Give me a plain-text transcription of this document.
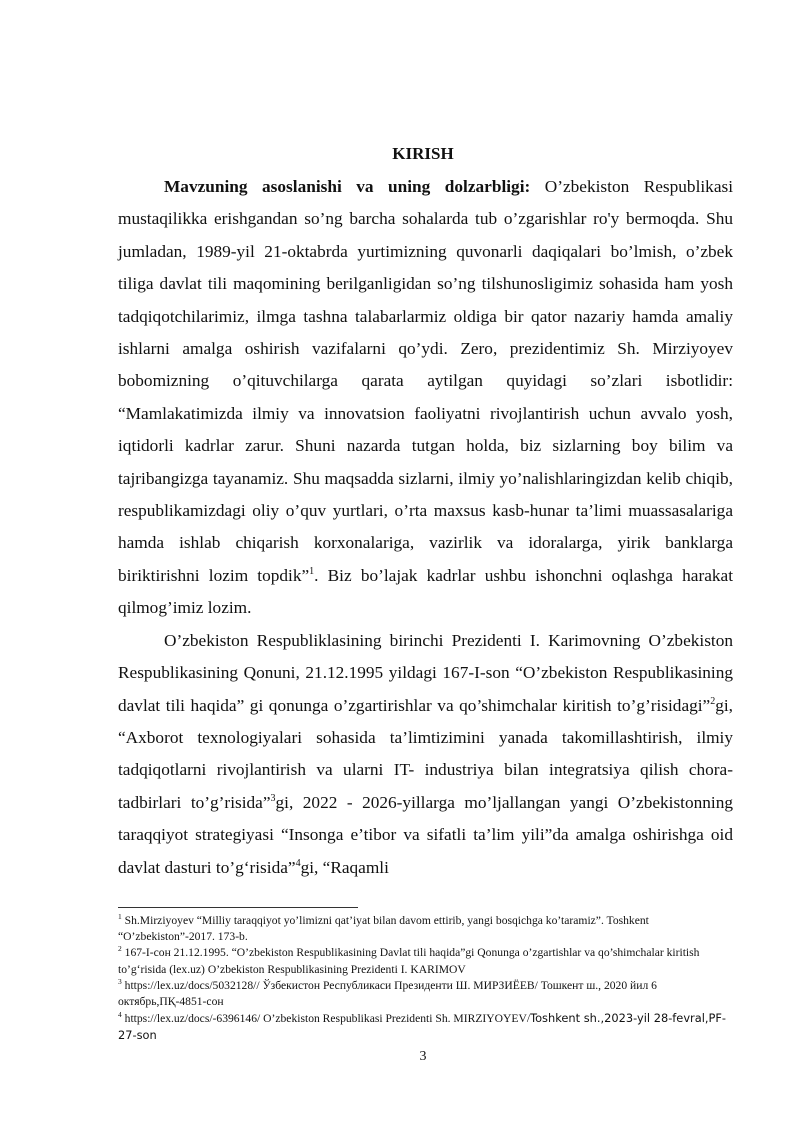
KIRISH

Mavzuning asoslanishi va uning dolzarbligi: O’zbekiston Respublikasi mustaqilikka erishgandan so’ng barcha sohalarda tub o’zgarishlar ro'y bermoqda. Shu jumladan, 1989-yil 21-oktabrda yurtimizning quvonarli daqiqalari bo’lmish, o’zbek tiliga davlat tili maqomining berilganligidan so’ng tilshunosligimiz sohasida ham yosh tadqiqotchilarimiz, ilmga tashna talabarlarmiz oldiga bir qator nazariy hamda amaliy ishlarni amalga oshirish vazifalarni qo’ydi. Zero, prezidentimiz Sh. Mirziyoyev bobomizning o’qituvchilarga qarata aytilgan quyidagi so’zlari isbotlidir: “Mamlakatimizda ilmiy va innovatsion faoliyatni rivojlantirish uchun avvalo yosh, iqtidorli kadrlar zarur. Shuni nazarda tutgan holda, biz sizlarning boy bilim va tajribangizga tayanamiz. Shu maqsadda sizlarni, ilmiy yo’nalishlaringizdan kelib chiqib, respublikamizdagi oliy o’quv yurtlari, o’rta maxsus kasb-hunar ta’limi muassasalariga hamda ishlab chiqarish korxonalariga, vazirlik va idoralarga, yirik banklarga biriktirishni lozim topdik”$^1$. Biz bo’lajak kadrlar ushbu ishonchni oqlashga harakat qilmog’imiz lozim.

O’zbekiston Respubliklasining birinchi Prezidenti I. Karimovning O’zbekiston Respublikasining Qonuni, 21.12.1995 yildagi 167-I-son “O’zbekiston Respublikasining davlat tili haqida” gi qonunga o’zgartirishlar va qo’shimchalar kiritish to’g’risidagi”$^2$gi, “Axborot texnologiyalari sohasida ta’limtizimini yanada takomillashtirish, ilmiy tadqiqotlarni rivojlantirish va ularni IT- industriya bilan integratsiya qilish chora- tadbirlari to’g’risida”$^3$gi, 2022 - 2026-yillarga mo’ljallangan yangi O’zbekistonning taraqqiyot strategiyasi “Insonga e’tibor va sifatli ta’lim yili”da amalga oshirishga oid davlat dasturi to’g‘risida”$^4$gi, “Raqamli

$^1$ Sh.Mirziyoyev “Milliy taraqqiyot yo’limizni qat’iyat bilan davom ettirib, yangi bosqichga ko’taramiz”. Toshkent “O’zbekiston”-2017. 173-b.

$^2$ 167-I-сон 21.12.1995. “O’zbekiston Respublikasining Davlat tili haqida”gi Qonunga o’zgartishlar va qo’shimchalar kiritish to’g‘risida (lex.uz) O’zbekiston Respublikasining Prezidenti I. KARIMOV

$^3$ https://lex.uz/docs/5032128// Ўзбекистон Республикаси Президенти Ш. МИРЗИЁЕВ/ Тошкент ш., 2020 йил 6 октябрь,ПҚ-4851-сон

$^4$ https://lex.uz/docs/-6396146/ O’zbekiston Respublikasi Prezidenti Sh. MIRZIYOYEV/Toshkent sh.,2023-yil 28-fevral,PF-27-son

3
